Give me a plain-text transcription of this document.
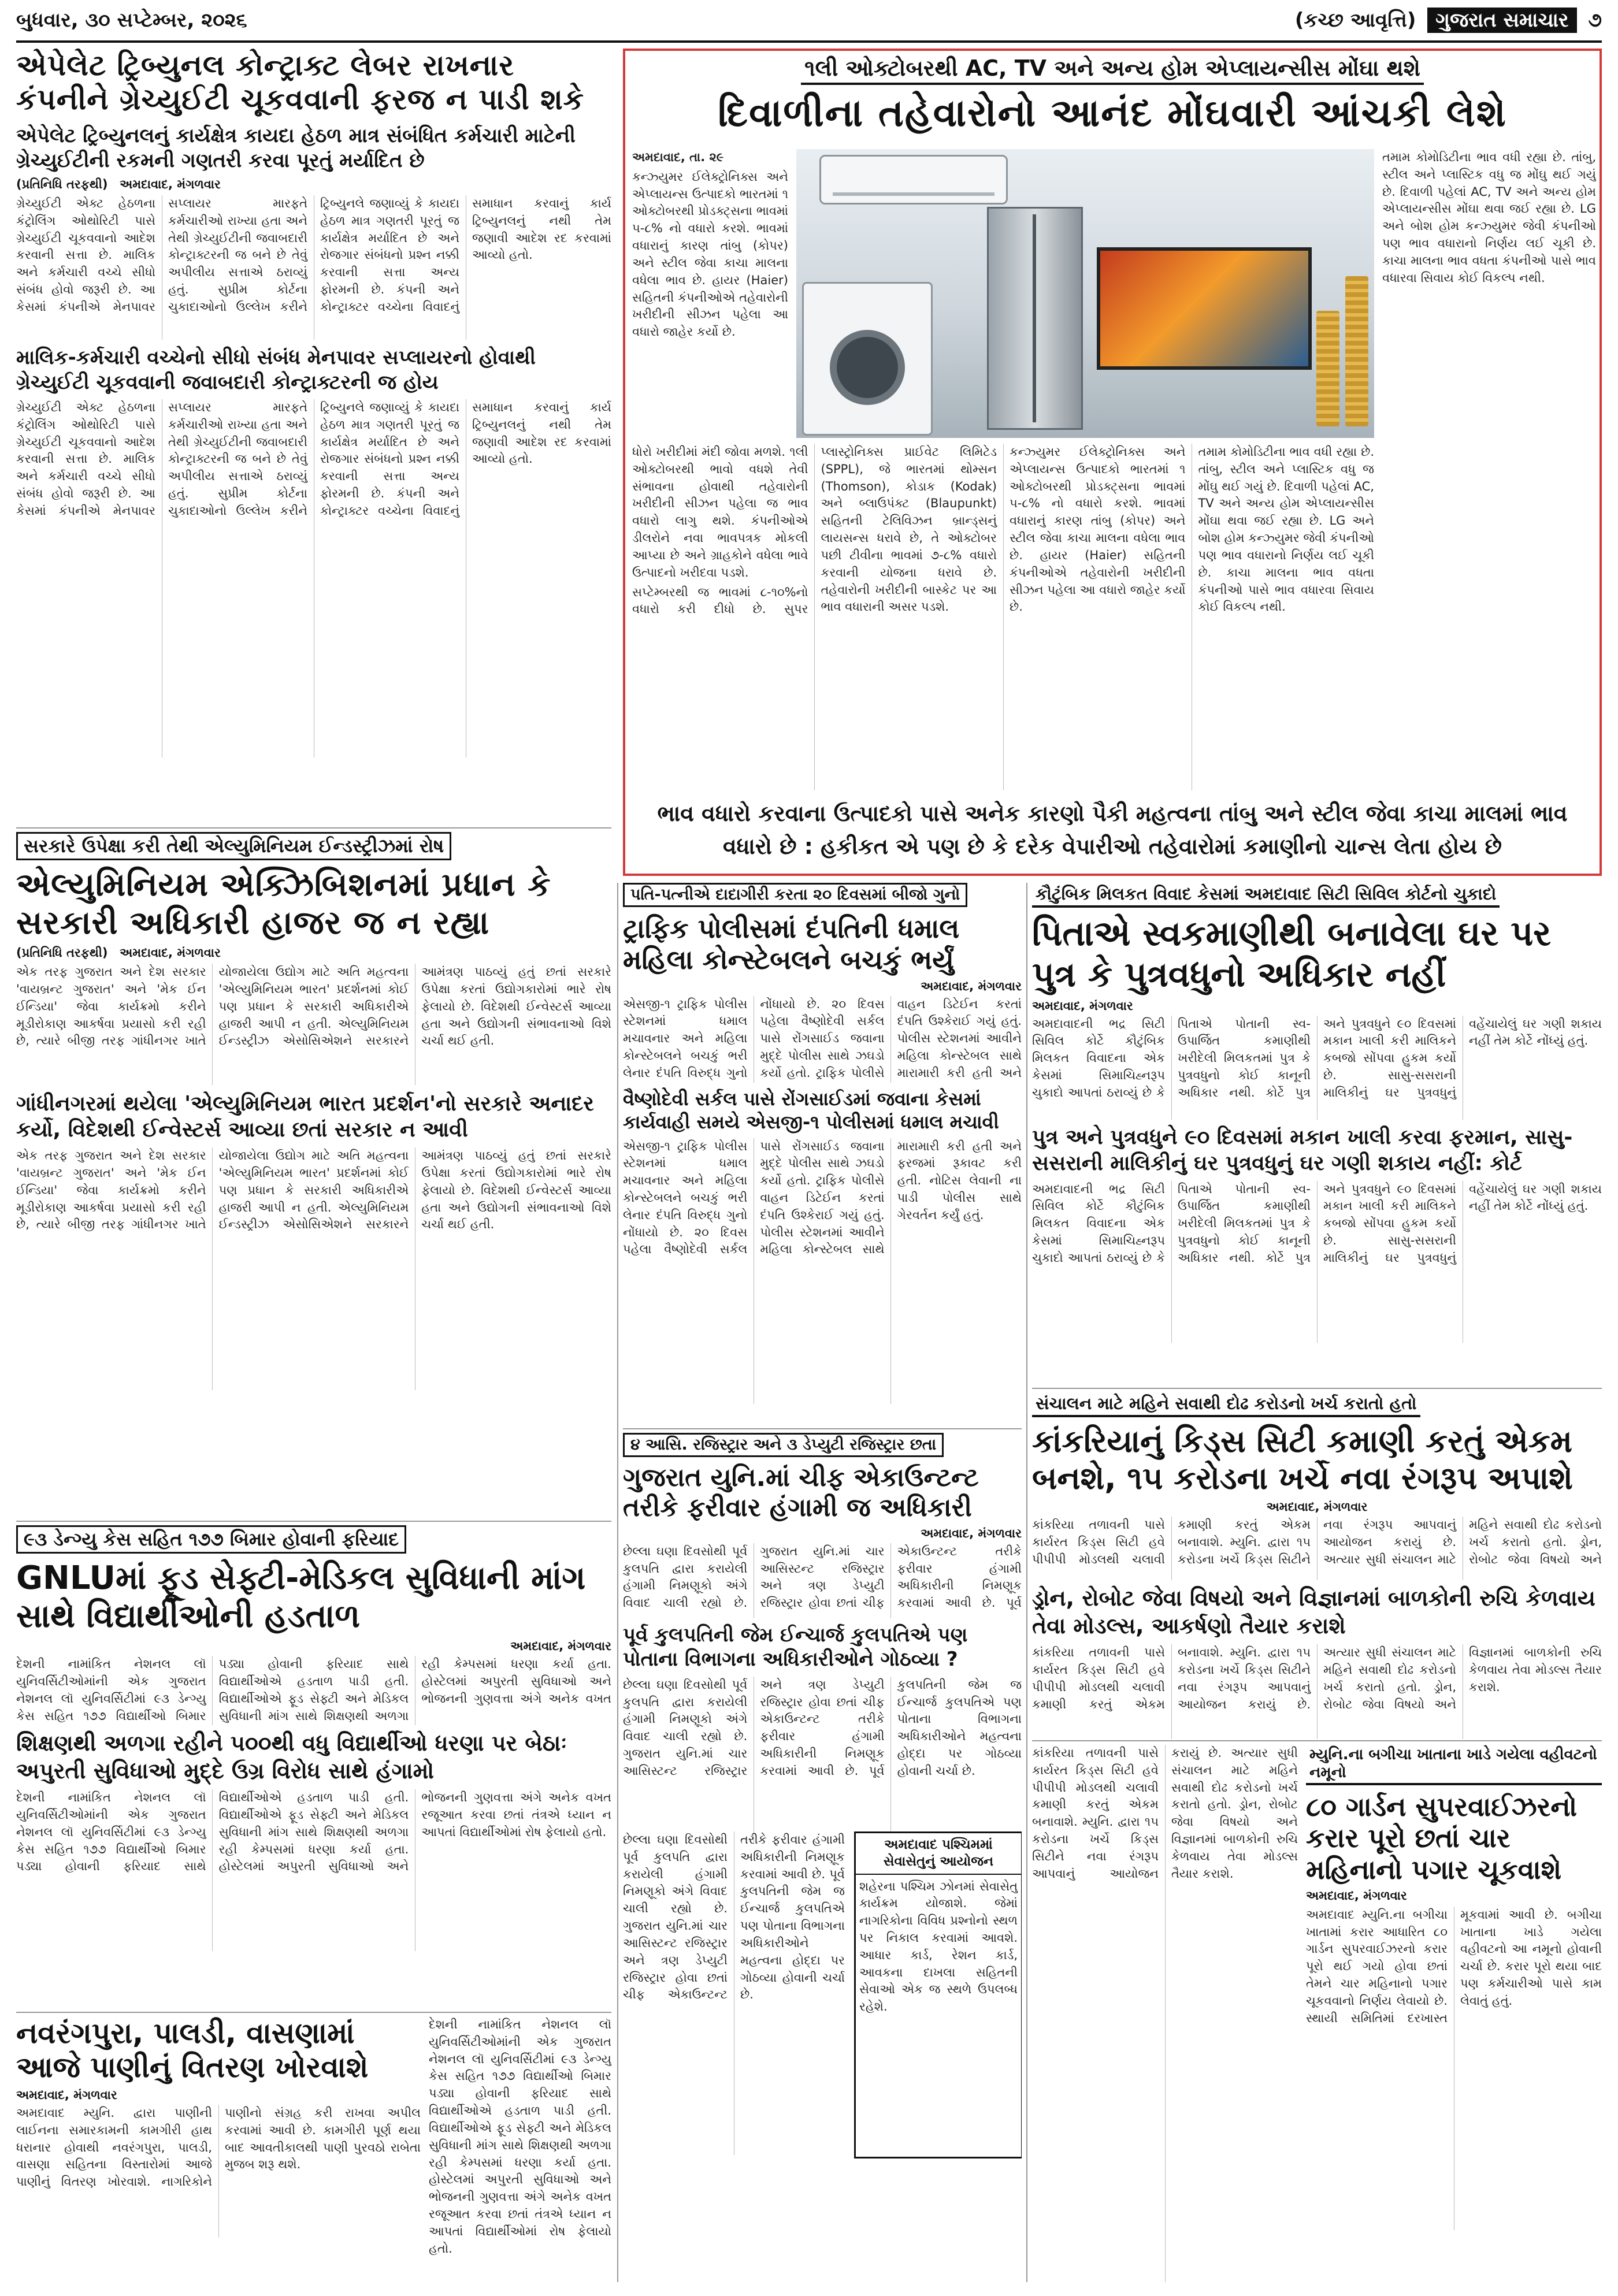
બુધવાર, ૩૦ સપ્ટેમ્બર, ૨૦૨૬	(કચ્છ આવૃત્તિ) ગુજરાત સમાચાર ૭
એપેલેટ ટ્રિબ્યુનલ કોન્ટ્રાક્ટ લેબર રાખનાર કંપનીને ગ્રેચ્યુઈટી ચૂકવવાની ફરજ ન પાડી શકે
એપેલેટ ટ્રિબ્યુનલનું કાર્યક્ષેત્ર કાયદા હેઠળ માત્ર સંબંધિત કર્મચારી માટેની ગ્રેચ્યુઈટીની રકમની ગણતરી કરવા પૂરતું મર્યાદિત છે
(પ્રતિનિધિ તરફથી) અમદાવાદ, મંગળવાર
ગ્રેચ્યુઈટી એક્ટ હેઠળના કંટ્રોલિંગ ઓથોરિટી પાસે ગ્રેચ્યુઈટી ચૂકવવાનો આદેશ કરવાની સત્તા છે. માલિક અને કર્મચારી વચ્ચે સીધો સંબંધ હોવો જરૂરી છે. આ કેસમાં કંપનીએ મેનપાવર સપ્લાયર મારફતે કર્મચારીઓ રાખ્યા હતા અને તેથી ગ્રેચ્યુઈટીની જવાબદારી કોન્ટ્રાક્ટરની જ બને છે તેવું અપીલીય સત્તાએ ઠરાવ્યું હતું. સુપ્રીમ કોર્ટના ચુકાદાઓનો ઉલ્લેખ કરીને ટ્રિબ્યુનલે જણાવ્યું કે કાયદા હેઠળ માત્ર ગણતરી પૂરતું જ કાર્યક્ષેત્ર મર્યાદિત છે અને રોજગાર સંબંધનો પ્રશ્ન નક્કી કરવાની સત્તા અન્ય ફોરમની છે. કંપની અને કોન્ટ્રાક્ટર વચ્ચેના વિવાદનું સમાધાન કરવાનું કાર્ય ટ્રિબ્યુનલનું નથી તેમ જણાવી આદેશ રદ કરવામાં આવ્યો હતો.
માલિક-કર્મચારી વચ્ચેનો સીધો સંબંધ મેનપાવર સપ્લાયરનો હોવાથી ગ્રેચ્યુઈટી ચૂકવવાની જવાબદારી કોન્ટ્રાક્ટરની જ હોય
ગ્રેચ્યુઈટી એક્ટ હેઠળના કંટ્રોલિંગ ઓથોરિટી પાસે ગ્રેચ્યુઈટી ચૂકવવાનો આદેશ કરવાની સત્તા છે. માલિક અને કર્મચારી વચ્ચે સીધો સંબંધ હોવો જરૂરી છે. આ કેસમાં કંપનીએ મેનપાવર સપ્લાયર મારફતે કર્મચારીઓ રાખ્યા હતા અને તેથી ગ્રેચ્યુઈટીની જવાબદારી કોન્ટ્રાક્ટરની જ બને છે તેવું અપીલીય સત્તાએ ઠરાવ્યું હતું. સુપ્રીમ કોર્ટના ચુકાદાઓનો ઉલ્લેખ કરીને ટ્રિબ્યુનલે જણાવ્યું કે કાયદા હેઠળ માત્ર ગણતરી પૂરતું જ કાર્યક્ષેત્ર મર્યાદિત છે અને રોજગાર સંબંધનો પ્રશ્ન નક્કી કરવાની સત્તા અન્ય ફોરમની છે. કંપની અને કોન્ટ્રાક્ટર વચ્ચેના વિવાદનું સમાધાન કરવાનું કાર્ય ટ્રિબ્યુનલનું નથી તેમ જણાવી આદેશ રદ કરવામાં આવ્યો હતો.
૧લી ઓક્ટોબરથી AC, TV અને અન્ય હોમ એપ્લાયન્સીસ મોંઘા થશે
દિવાળીના તહેવારોનો આનંદ મોંઘવારી આંચકી લેશે

અમદાવાદ, તા. ૨૯

કન્ઝ્યુમર ઈલેક્ટ્રોનિક્સ અને એપ્લાયન્સ ઉત્પાદકો ભારતમાં ૧ ઓક્ટોબરથી પ્રોડક્ટ્સના ભાવમાં ૫-૮% નો વધારો કરશે. ભાવમાં વધારાનું કારણ તાંબુ (કોપર) અને સ્ટીલ જેવા કાચા માલના વધેલા ભાવ છે. હાયર (Haier) સહિતની કંપનીઓએ તહેવારોની ખરીદીની સીઝન પહેલા આ વધારો જાહેર કર્યો છે.

તમામ કોમોડિટીના ભાવ વધી રહ્યા છે. તાંબુ, સ્ટીલ અને પ્લાસ્ટિક વધુ જ મોંઘુ થઈ ગયું છે. દિવાળી પહેલાં AC, TV અને અન્ય હોમ એપ્લાયન્સીસ મોંઘા થવા જઈ રહ્યા છે. LG અને બોશ હોમ કન્ઝ્યુમર જેવી કંપનીઓ પણ ભાવ વધારાનો નિર્ણય લઈ ચૂકી છે. કાચા માલના ભાવ વધતા કંપનીઓ પાસે ભાવ વધારવા સિવાય કોઈ વિકલ્પ નથી.

ધોરો ખરીદીમાં મંદી જોવા મળશે. ૧લી ઓક્ટોબરથી ભાવો વધશે તેવી સંભાવના હોવાથી તહેવારોની ખરીદીની સીઝન પહેલા જ ભાવ વધારો લાગુ થશે. કંપનીઓએ ડીલરોને નવા ભાવપત્રક મોકલી આપ્યા છે અને ગ્રાહકોને વધેલા ભાવે ઉત્પાદનો ખરીદવા પડશે.

સપ્ટેમ્બરથી જ ભાવમાં ૮-૧૦%નો વધારો કરી દીધો છે. સુપર પ્લાસ્ટ્રોનિક્સ પ્રાઈવેટ લિમિટેડ (SPPL), જે ભારતમાં થોમ્સન (Thomson), કોડાક (Kodak) અને બ્લાઉપંક્ટ (Blaupunkt) સહિતની ટેલિવિઝન બ્રાન્ડ્સનું લાયસન્સ ધરાવે છે, તે ઓક્ટોબર પછી ટીવીના ભાવમાં ૭-૮% વધારો કરવાની યોજના ધરાવે છે. તહેવારોની ખરીદીની બાસ્કેટ પર આ ભાવ વધારાની અસર પડશે.

કન્ઝ્યુમર ઈલેક્ટ્રોનિક્સ અને એપ્લાયન્સ ઉત્પાદકો ભારતમાં ૧ ઓક્ટોબરથી પ્રોડક્ટ્સના ભાવમાં ૫-૮% નો વધારો કરશે. ભાવમાં વધારાનું કારણ તાંબુ (કોપર) અને સ્ટીલ જેવા કાચા માલના વધેલા ભાવ છે. હાયર (Haier) સહિતની કંપનીઓએ તહેવારોની ખરીદીની સીઝન પહેલા આ વધારો જાહેર કર્યો છે.

તમામ કોમોડિટીના ભાવ વધી રહ્યા છે. તાંબુ, સ્ટીલ અને પ્લાસ્ટિક વધુ જ મોંઘુ થઈ ગયું છે. દિવાળી પહેલાં AC, TV અને અન્ય હોમ એપ્લાયન્સીસ મોંઘા થવા જઈ રહ્યા છે. LG અને બોશ હોમ કન્ઝ્યુમર જેવી કંપનીઓ પણ ભાવ વધારાનો નિર્ણય લઈ ચૂકી છે. કાચા માલના ભાવ વધતા કંપનીઓ પાસે ભાવ વધારવા સિવાય કોઈ વિકલ્પ નથી.

ભાવ વધારો કરવાના ઉત્પાદકો પાસે અનેક કારણો પૈકી મહત્વના તાંબુ અને સ્ટીલ જેવા કાચા માલમાં ભાવ વધારો છે : હકીકત એ પણ છે કે દરેક વેપારીઓ તહેવારોમાં કમાણીનો ચાન્સ લેતા હોય છે

સરકારે ઉપેક્ષા કરી તેથી એલ્યુમિનિયમ ઈન્ડસ્ટ્રીઝમાં રોષ
એલ્યુમિનિયમ એક્ઝિબિશનમાં પ્રધાન કે સરકારી અધિકારી હાજર જ ન રહ્યા
(પ્રતિનિધિ તરફથી) અમદાવાદ, મંગળવાર
એક તરફ ગુજરાત અને દેશ સરકાર 'વાયબ્રન્ટ ગુજરાત' અને 'મેક ઈન ઈન્ડિયા' જેવા કાર્યક્રમો કરીને મૂડીરોકાણ આકર્ષવા પ્રયાસો કરી રહી છે, ત્યારે બીજી તરફ ગાંધીનગર ખાતે યોજાયેલા ઉદ્યોગ માટે અતિ મહત્વના 'એલ્યુમિનિયમ ભારત' પ્રદર્શનમાં કોઈ પણ પ્રધાન કે સરકારી અધિકારીએ હાજરી આપી ન હતી. એલ્યુમિનિયમ ઈન્ડસ્ટ્રીઝ એસોસિએશને સરકારને આમંત્રણ પાઠવ્યું હતું છતાં સરકારે ઉપેક્ષા કરતાં ઉદ્યોગકારોમાં ભારે રોષ ફેલાયો છે. વિદેશથી ઈન્વેસ્ટર્સ આવ્યા હતા અને ઉદ્યોગની સંભાવનાઓ વિશે ચર્ચા થઈ હતી.
ગાંધીનગરમાં થયેલા 'એલ્યુમિનિયમ ભારત પ્રદર્શન'નો સરકારે અનાદર કર્યો, વિદેશથી ઈન્વેસ્ટર્સ આવ્યા છતાં સરકાર ન આવી
એક તરફ ગુજરાત અને દેશ સરકાર 'વાયબ્રન્ટ ગુજરાત' અને 'મેક ઈન ઈન્ડિયા' જેવા કાર્યક્રમો કરીને મૂડીરોકાણ આકર્ષવા પ્રયાસો કરી રહી છે, ત્યારે બીજી તરફ ગાંધીનગર ખાતે યોજાયેલા ઉદ્યોગ માટે અતિ મહત્વના 'એલ્યુમિનિયમ ભારત' પ્રદર્શનમાં કોઈ પણ પ્રધાન કે સરકારી અધિકારીએ હાજરી આપી ન હતી. એલ્યુમિનિયમ ઈન્ડસ્ટ્રીઝ એસોસિએશને સરકારને આમંત્રણ પાઠવ્યું હતું છતાં સરકારે ઉપેક્ષા કરતાં ઉદ્યોગકારોમાં ભારે રોષ ફેલાયો છે. વિદેશથી ઈન્વેસ્ટર્સ આવ્યા હતા અને ઉદ્યોગની સંભાવનાઓ વિશે ચર્ચા થઈ હતી.
પતિ-પત્નીએ દાદાગીરી કરતા ૨૦ દિવસમાં બીજો ગુનો
ટ્રાફિક પોલીસમાં દંપતિની ધમાલ મહિલા કોન્સ્ટેબલને બચકું ભર્યું
અમદાવાદ, મંગળવાર
એસજી-૧ ટ્રાફિક પોલીસ સ્ટેશનમાં ધમાલ મચાવનાર અને મહિલા કોન્સ્ટેબલને બચકું ભરી લેનાર દંપતિ વિરુદ્ધ ગુનો નોંધાયો છે. ૨૦ દિવસ પહેલા વૈષ્ણોદેવી સર્કલ પાસે રોંગસાઈડ જવાના મુદ્દે પોલીસ સાથે ઝઘડો કર્યો હતો. ટ્રાફિક પોલીસે વાહન ડિટેઈન કરતાં દંપતિ ઉશ્કેરાઈ ગયું હતું. પોલીસ સ્ટેશનમાં આવીને મહિલા કોન્સ્ટેબલ સાથે મારામારી કરી હતી અને
વૈષ્ણોદેવી સર્કલ પાસે રોંગસાઈડમાં જવાના કેસમાં કાર્યવાહી સમયે એસજી-૧ પોલીસમાં ધમાલ મચાવી
એસજી-૧ ટ્રાફિક પોલીસ સ્ટેશનમાં ધમાલ મચાવનાર અને મહિલા કોન્સ્ટેબલને બચકું ભરી લેનાર દંપતિ વિરુદ્ધ ગુનો નોંધાયો છે. ૨૦ દિવસ પહેલા વૈષ્ણોદેવી સર્કલ પાસે રોંગસાઈડ જવાના મુદ્દે પોલીસ સાથે ઝઘડો કર્યો હતો. ટ્રાફિક પોલીસે વાહન ડિટેઈન કરતાં દંપતિ ઉશ્કેરાઈ ગયું હતું. પોલીસ સ્ટેશનમાં આવીને મહિલા કોન્સ્ટેબલ સાથે મારામારી કરી હતી અને ફરજમાં રૂકાવટ કરી હતી. નોટિસ લેવાની ના પાડી પોલીસ સાથે ગેરવર્તન કર્યું હતું.
કૌટુંબિક મિલકત વિવાદ કેસમાં અમદાવાદ સિટી સિવિલ કોર્ટનો ચુકાદો
પિતાએ સ્વકમાણીથી બનાવેલા ઘર પર પુત્ર કે પુત્રવધુનો અધિકાર નહીં
અમદાવાદ, મંગળવાર
અમદાવાદની ભદ્ર સિટી સિવિલ કોર્ટે કૌટુંબિક મિલકત વિવાદના એક કેસમાં સિમાચિહ્નરૂપ ચુકાદો આપતાં ઠરાવ્યું છે કે પિતાએ પોતાની સ્વ-ઉપાર્જિત કમાણીથી ખરીદેલી મિલકતમાં પુત્ર કે પુત્રવધુનો કોઈ કાનૂની અધિકાર નથી. કોર્ટે પુત્ર અને પુત્રવધુને ૯૦ દિવસમાં મકાન ખાલી કરી માલિકને કબજો સોંપવા હુકમ કર્યો છે. સાસુ-સસરાની માલિકીનું ઘર પુત્રવધુનું વહેંચાયેલું ઘર ગણી શકાય નહીં તેમ કોર્ટે નોંધ્યું હતું.
પુત્ર અને પુત્રવધુને ૯૦ દિવસમાં મકાન ખાલી કરવા ફરમાન, સાસુ-સસરાની માલિકીનું ઘર પુત્રવધુનું ઘર ગણી શકાય નહીં: કોર્ટ
અમદાવાદની ભદ્ર સિટી સિવિલ કોર્ટે કૌટુંબિક મિલકત વિવાદના એક કેસમાં સિમાચિહ્નરૂપ ચુકાદો આપતાં ઠરાવ્યું છે કે પિતાએ પોતાની સ્વ-ઉપાર્જિત કમાણીથી ખરીદેલી મિલકતમાં પુત્ર કે પુત્રવધુનો કોઈ કાનૂની અધિકાર નથી. કોર્ટે પુત્ર અને પુત્રવધુને ૯૦ દિવસમાં મકાન ખાલી કરી માલિકને કબજો સોંપવા હુકમ કર્યો છે. સાસુ-સસરાની માલિકીનું ઘર પુત્રવધુનું વહેંચાયેલું ઘર ગણી શકાય નહીં તેમ કોર્ટે નોંધ્યું હતું.
૯૩ ડેન્ગ્યુ કેસ સહિત ૧૭૭ બિમાર હોવાની ફરિયાદ
GNLUમાં ફૂડ સેફ્ટી-મેડિકલ સુવિધાની માંગ સાથે વિદ્યાર્થીઓની હડતાળ
અમદાવાદ, મંગળવાર
દેશની નામાંકિત નેશનલ લૉ યુનિવર્સિટીઓમાંની એક ગુજરાત નેશનલ લૉ યુનિવર્સિટીમાં ૯૩ ડેન્ગ્યુ કેસ સહિત ૧૭૭ વિદ્યાર્થીઓ બિમાર પડ્યા હોવાની ફરિયાદ સાથે વિદ્યાર્થીઓએ હડતાળ પાડી હતી. વિદ્યાર્થીઓએ ફૂડ સેફ્ટી અને મેડિકલ સુવિધાની માંગ સાથે શિક્ષણથી અળગા રહી કેમ્પસમાં ધરણા કર્યા હતા. હોસ્ટેલમાં અપુરતી સુવિધાઓ અને ભોજનની ગુણવત્તા અંગે અનેક વખત
શિક્ષણથી અળગા રહીને ૫૦૦થી વધુ વિદ્યાર્થીઓ ધરણા પર બેઠાઃ અપુરતી સુવિધાઓ મુદ્દે ઉગ્ર વિરોધ સાથે હંગામો
દેશની નામાંકિત નેશનલ લૉ યુનિવર્સિટીઓમાંની એક ગુજરાત નેશનલ લૉ યુનિવર્સિટીમાં ૯૩ ડેન્ગ્યુ કેસ સહિત ૧૭૭ વિદ્યાર્થીઓ બિમાર પડ્યા હોવાની ફરિયાદ સાથે વિદ્યાર્થીઓએ હડતાળ પાડી હતી. વિદ્યાર્થીઓએ ફૂડ સેફ્ટી અને મેડિકલ સુવિધાની માંગ સાથે શિક્ષણથી અળગા રહી કેમ્પસમાં ધરણા કર્યા હતા. હોસ્ટેલમાં અપુરતી સુવિધાઓ અને ભોજનની ગુણવત્તા અંગે અનેક વખત રજૂઆત કરવા છતાં તંત્રએ ધ્યાન ન આપતાં વિદ્યાર્થીઓમાં રોષ ફેલાયો હતો.
નવરંગપુરા, પાલડી, વાસણામાં આજે પાણીનું વિતરણ ખોરવાશે
અમદાવાદ, મંગળવાર
અમદાવાદ મ્યુનિ. દ્વારા પાણીની લાઈનના સમારકામની કામગીરી હાથ ધરાનાર હોવાથી નવરંગપુરા, પાલડી, વાસણા સહિતના વિસ્તારોમાં આજે પાણીનું વિતરણ ખોરવાશે. નાગરિકોને પાણીનો સંગ્રહ કરી રાખવા અપીલ કરવામાં આવી છે. કામગીરી પૂર્ણ થયા બાદ આવતીકાલથી પાણી પુરવઠો રાબેતા મુજબ શરૂ થશે.
દેશની નામાંકિત નેશનલ લૉ યુનિવર્સિટીઓમાંની એક ગુજરાત નેશનલ લૉ યુનિવર્સિટીમાં ૯૩ ડેન્ગ્યુ કેસ સહિત ૧૭૭ વિદ્યાર્થીઓ બિમાર પડ્યા હોવાની ફરિયાદ સાથે વિદ્યાર્થીઓએ હડતાળ પાડી હતી. વિદ્યાર્થીઓએ ફૂડ સેફ્ટી અને મેડિકલ સુવિધાની માંગ સાથે શિક્ષણથી અળગા રહી કેમ્પસમાં ધરણા કર્યા હતા. હોસ્ટેલમાં અપુરતી સુવિધાઓ અને ભોજનની ગુણવત્તા અંગે અનેક વખત રજૂઆત કરવા છતાં તંત્રએ ધ્યાન ન આપતાં વિદ્યાર્થીઓમાં રોષ ફેલાયો હતો.
૪ આસિ. રજિસ્ટ્રાર અને ૩ ડેપ્યુટી રજિસ્ટ્રાર છતા
ગુજરાત યુનિ.માં ચીફ એકાઉન્ટન્ટ તરીકે ફરીવાર હંગામી જ અધિકારી
અમદાવાદ, મંગળવાર
છેલ્લા ઘણા દિવસોથી પૂર્વ કુલપતિ દ્વારા કરાયેલી હંગામી નિમણૂકો અંગે વિવાદ ચાલી રહ્યો છે. ગુજરાત યુનિ.માં ચાર આસિસ્ટન્ટ રજિસ્ટ્રાર અને ત્રણ ડેપ્યુટી રજિસ્ટ્રાર હોવા છતાં ચીફ એકાઉન્ટન્ટ તરીકે ફરીવાર હંગામી અધિકારીની નિમણૂક કરવામાં આવી છે. પૂર્વ
પૂર્વ કુલપતિની જેમ ઈન્ચાર્જ કુલપતિએ પણ પોતાના વિભાગના અધિકારીઓને ગોઠવ્યા ?
છેલ્લા ઘણા દિવસોથી પૂર્વ કુલપતિ દ્વારા કરાયેલી હંગામી નિમણૂકો અંગે વિવાદ ચાલી રહ્યો છે. ગુજરાત યુનિ.માં ચાર આસિસ્ટન્ટ રજિસ્ટ્રાર અને ત્રણ ડેપ્યુટી રજિસ્ટ્રાર હોવા છતાં ચીફ એકાઉન્ટન્ટ તરીકે ફરીવાર હંગામી અધિકારીની નિમણૂક કરવામાં આવી છે. પૂર્વ કુલપતિની જેમ જ ઈન્ચાર્જ કુલપતિએ પણ પોતાના વિભાગના અધિકારીઓને મહત્વના હોદ્દા પર ગોઠવ્યા હોવાની ચર્ચા છે.
અમદાવાદ પશ્ચિમમાં સેવાસેતુનું આયોજન
શહેરના પશ્ચિમ ઝોનમાં સેવાસેતુ કાર્યક્રમ યોજાશે. જેમાં નાગરિકોના વિવિધ પ્રશ્નોનો સ્થળ પર નિકાલ કરવામાં આવશે. આધાર કાર્ડ, રેશન કાર્ડ, આવકના દાખલા સહિતની સેવાઓ એક જ સ્થળે ઉપલબ્ધ રહેશે.
છેલ્લા ઘણા દિવસોથી પૂર્વ કુલપતિ દ્વારા કરાયેલી હંગામી નિમણૂકો અંગે વિવાદ ચાલી રહ્યો છે. ગુજરાત યુનિ.માં ચાર આસિસ્ટન્ટ રજિસ્ટ્રાર અને ત્રણ ડેપ્યુટી રજિસ્ટ્રાર હોવા છતાં ચીફ એકાઉન્ટન્ટ તરીકે ફરીવાર હંગામી અધિકારીની નિમણૂક કરવામાં આવી છે. પૂર્વ કુલપતિની જેમ જ ઈન્ચાર્જ કુલપતિએ પણ પોતાના વિભાગના અધિકારીઓને મહત્વના હોદ્દા પર ગોઠવ્યા હોવાની ચર્ચા છે.
સંચાલન માટે મહિને સવાથી દોઢ કરોડનો ખર્ચ કરાતો હતો
કાંકરિયાનું કિડ્સ સિટી કમાણી કરતું એકમ બનશે, ૧૫ કરોડના ખર્ચે નવા રંગરૂપ અપાશે
અમદાવાદ, મંગળવાર
કાંકરિયા તળાવની પાસે કાર્યરત કિડ્સ સિટી હવે પીપીપી મોડલથી ચલાવી કમાણી કરતું એકમ બનાવાશે. મ્યુનિ. દ્વારા ૧૫ કરોડના ખર્ચે કિડ્સ સિટીને નવા રંગરૂપ આપવાનું આયોજન કરાયું છે. અત્યાર સુધી સંચાલન માટે મહિને સવાથી દોઢ કરોડનો ખર્ચ કરાતો હતો. ડ્રોન, રોબોટ જેવા વિષયો અને
ડ્રોન, રોબોટ જેવા વિષયો અને વિજ્ઞાનમાં બાળકોની રુચિ કેળવાય તેવા મોડલ્સ, આકર્ષણો તૈયાર કરાશે
કાંકરિયા તળાવની પાસે કાર્યરત કિડ્સ સિટી હવે પીપીપી મોડલથી ચલાવી કમાણી કરતું એકમ બનાવાશે. મ્યુનિ. દ્વારા ૧૫ કરોડના ખર્ચે કિડ્સ સિટીને નવા રંગરૂપ આપવાનું આયોજન કરાયું છે. અત્યાર સુધી સંચાલન માટે મહિને સવાથી દોઢ કરોડનો ખર્ચ કરાતો હતો. ડ્રોન, રોબોટ જેવા વિષયો અને વિજ્ઞાનમાં બાળકોની રુચિ કેળવાય તેવા મોડલ્સ તૈયાર કરાશે.
મ્યુનિ.ના બગીચા ખાતાના ખાડે ગયેલા વહીવટનો નમૂનો
૮૦ ગાર્ડન સુપરવાઈઝરનો કરાર પૂરો છતાં ચાર મહિનાનો પગાર ચૂકવાશે
અમદાવાદ, મંગળવાર
અમદાવાદ મ્યુનિ.ના બગીચા ખાતામાં કરાર આધારિત ૮૦ ગાર્ડન સુપરવાઈઝરનો કરાર પૂરો થઈ ગયો હોવા છતાં તેમને ચાર મહિનાનો પગાર ચૂકવવાનો નિર્ણય લેવાયો છે. સ્થાયી સમિતિમાં દરખાસ્ત મૂકવામાં આવી છે. બગીચા ખાતાના ખાડે ગયેલા વહીવટનો આ નમૂનો હોવાની ચર્ચા છે. કરાર પૂરો થયા બાદ પણ કર્મચારીઓ પાસે કામ લેવાતું હતું.
કાંકરિયા તળાવની પાસે કાર્યરત કિડ્સ સિટી હવે પીપીપી મોડલથી ચલાવી કમાણી કરતું એકમ બનાવાશે. મ્યુનિ. દ્વારા ૧૫ કરોડના ખર્ચે કિડ્સ સિટીને નવા રંગરૂપ આપવાનું આયોજન કરાયું છે. અત્યાર સુધી સંચાલન માટે મહિને સવાથી દોઢ કરોડનો ખર્ચ કરાતો હતો. ડ્રોન, રોબોટ જેવા વિષયો અને વિજ્ઞાનમાં બાળકોની રુચિ કેળવાય તેવા મોડલ્સ તૈયાર કરાશે.
